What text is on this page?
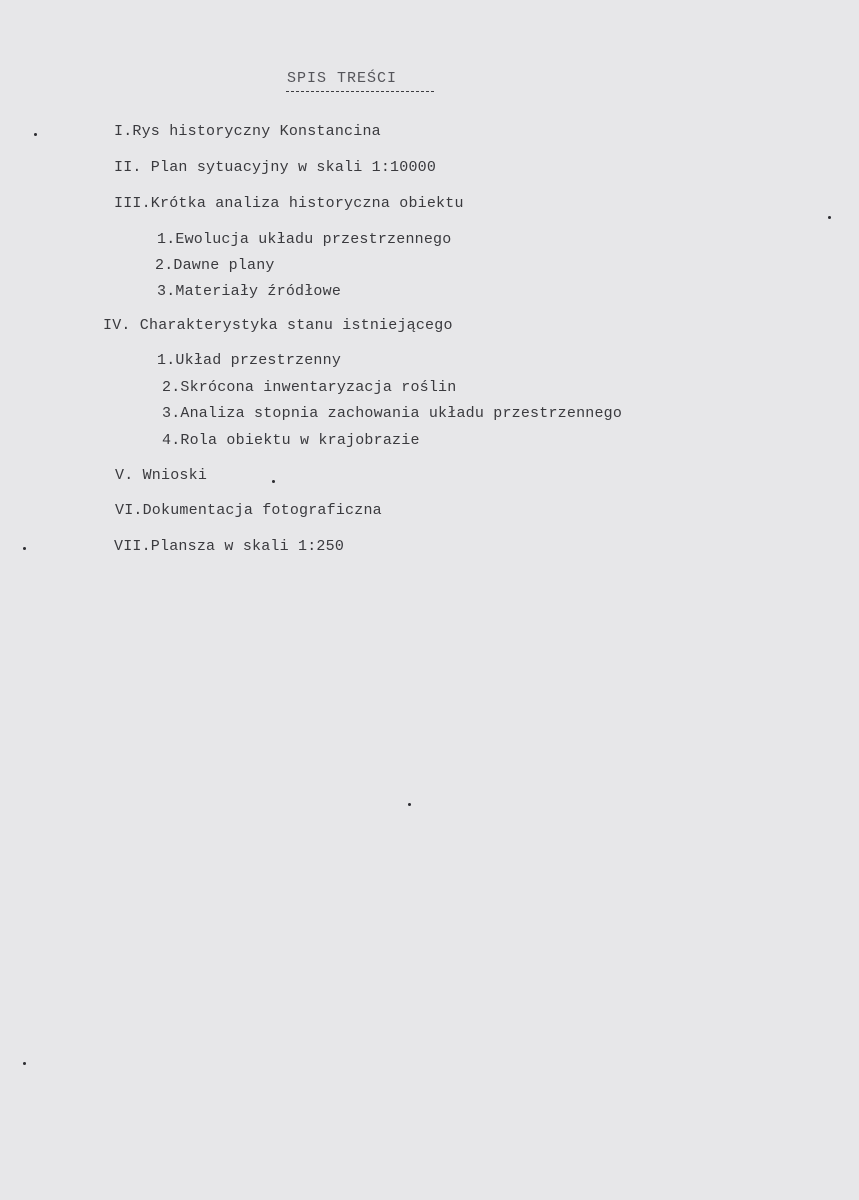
SPIS TREŚCI
I.Rys historyczny Konstancina
II. Plan sytuacyjny w skali 1:10000
III.Krótka analiza historyczna obiektu
1.Ewolucja układu przestrzennego
2.Dawne plany
3.Materiały źródłowe
IV. Charakterystyka stanu istniejącego
1.Układ przestrzenny
2.Skrócona inwentaryzacja roślin
3.Analiza stopnia zachowania układu przestrzennego
4.Rola obiektu w krajobrazie
V. Wnioski
VI.Dokumentacja fotograficzna
VII.Plansza w skali 1:250
